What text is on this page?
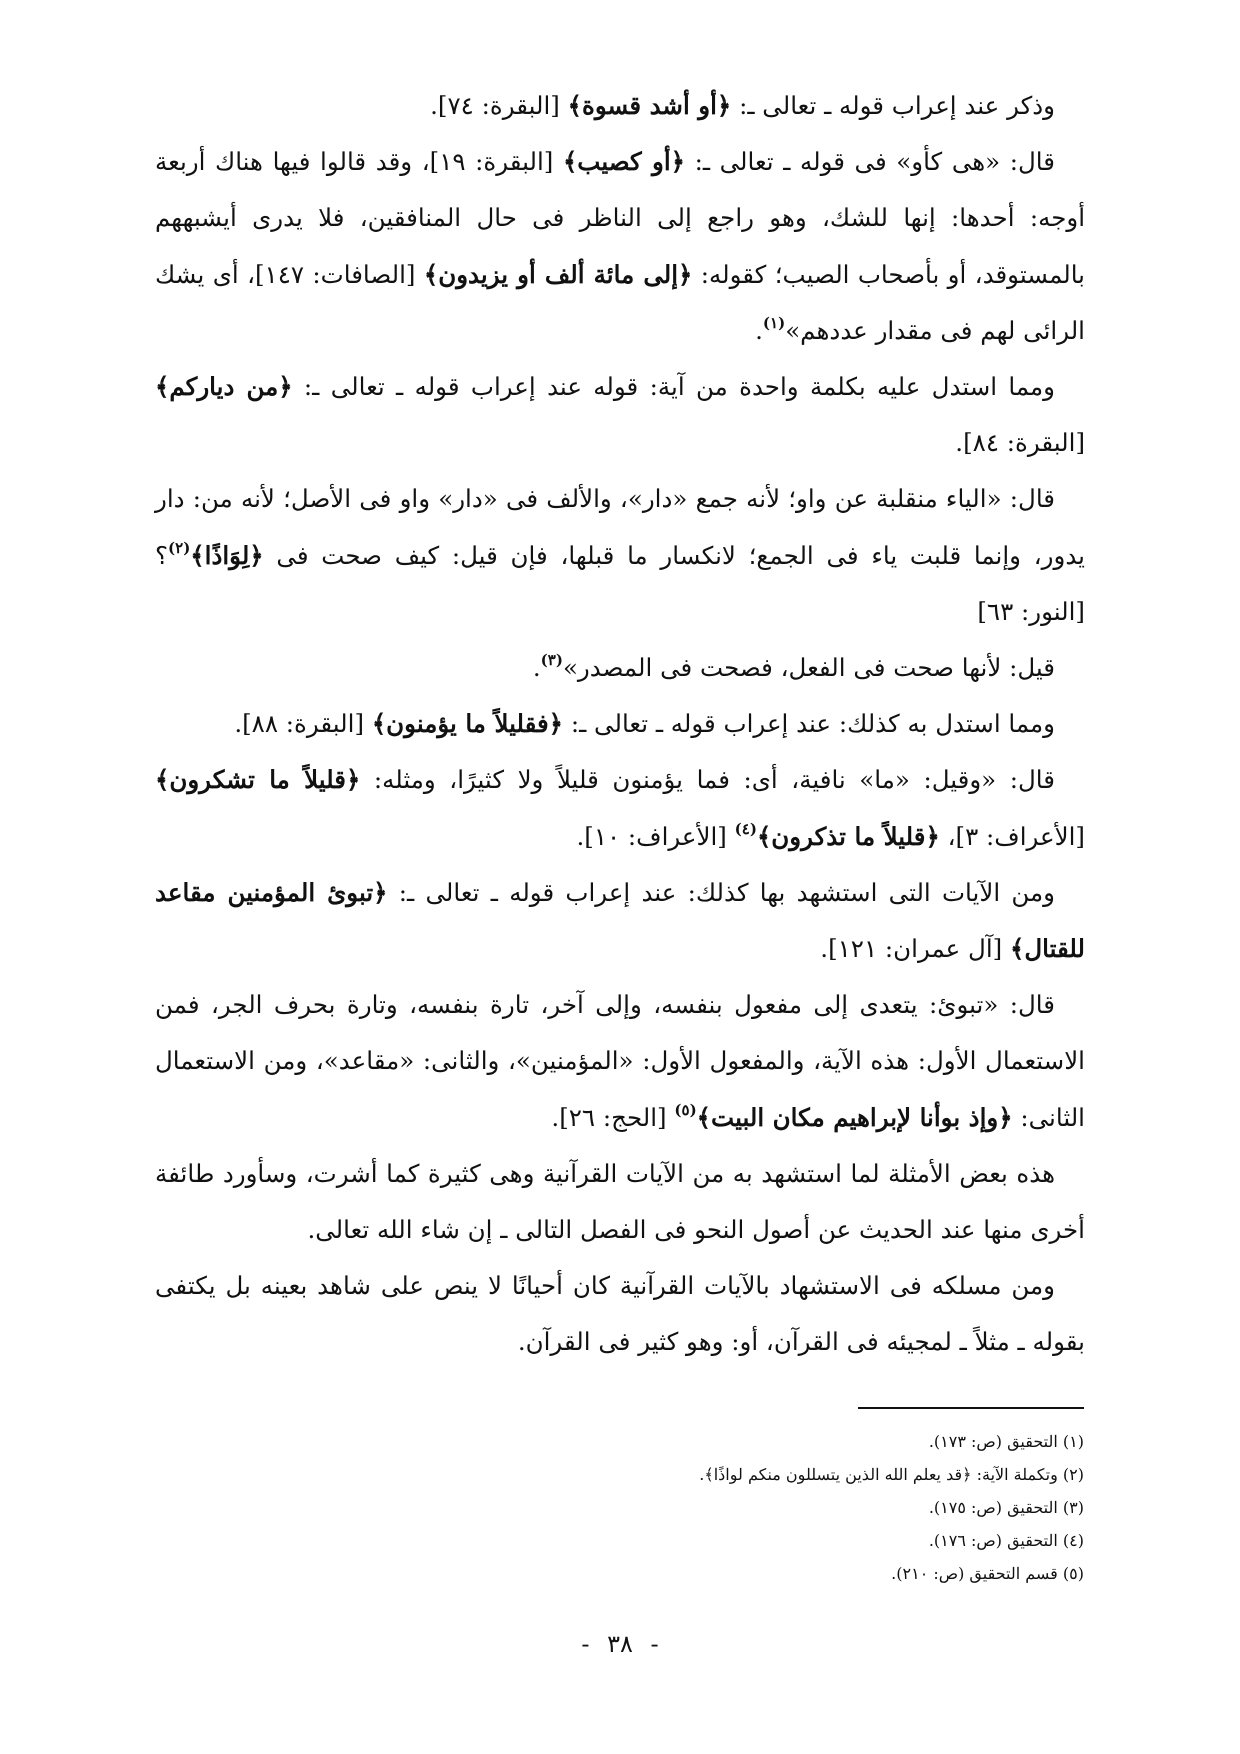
وذكر عند إعراب قوله ـ تعالى ـ: ﴿أو أشد قسوة﴾ [البقرة: ٧٤].

قال: «هى كأو» فى قوله ـ تعالى ـ: ﴿أو كصيب﴾ [البقرة: ١٩]، وقد قالوا فيها هناك أربعة أوجه: أحدها: إنها للشك، وهو راجع إلى الناظر فى حال المنافقين، فلا يدرى أيشبههم بالمستوقد، أو بأصحاب الصيب؛ كقوله: ﴿إلى مائة ألف أو يزيدون﴾ [الصافات: ١٤٧]، أى يشك الرائى لهم فى مقدار عددهم»$^{(١)}$.

ومما استدل عليه بكلمة واحدة من آية: قوله عند إعراب قوله ـ تعالى ـ: ﴿من دياركم﴾ [البقرة: ٨٤].

قال: «الياء منقلبة عن واو؛ لأنه جمع «دار»، والألف فى «دار» واو فى الأصل؛ لأنه من: دار يدور، وإنما قلبت ياء فى الجمع؛ لانكسار ما قبلها، فإن قيل: كيف صحت فى ﴿لِوَاذًا﴾$^{(٢)}$؟ [النور: ٦٣]

قيل: لأنها صحت فى الفعل، فصحت فى المصدر»$^{(٣)}$.

ومما استدل به كذلك: عند إعراب قوله ـ تعالى ـ: ﴿فقليلاً ما يؤمنون﴾ [البقرة: ٨٨].

قال: «وقيل: «ما» نافية، أى: فما يؤمنون قليلاً ولا كثيرًا، ومثله: ﴿قليلاً ما تشكرون﴾ [الأعراف: ٣]، ﴿قليلاً ما تذكرون﴾$^{(٤)}$ [الأعراف: ١٠].

ومن الآيات التى استشهد بها كذلك: عند إعراب قوله ـ تعالى ـ: ﴿تبوئ المؤمنين مقاعد للقتال﴾ [آل عمران: ١٢١].

قال: «تبوئ: يتعدى إلى مفعول بنفسه، وإلى آخر، تارة بنفسه، وتارة بحرف الجر، فمن الاستعمال الأول: هذه الآية، والمفعول الأول: «المؤمنين»، والثانى: «مقاعد»، ومن الاستعمال الثانى: ﴿وإذ بوأنا لإبراهيم مكان البيت﴾$^{(٥)}$ [الحج: ٢٦].

هذه بعض الأمثلة لما استشهد به من الآيات القرآنية وهى كثيرة كما أشرت، وسأورد طائفة أخرى منها عند الحديث عن أصول النحو فى الفصل التالى ـ إن شاء الله تعالى.

ومن مسلكه فى الاستشهاد بالآيات القرآنية كان أحيانًا لا ينص على شاهد بعينه بل يكتفى بقوله ـ مثلاً ـ لمجيئه فى القرآن، أو: وهو كثير فى القرآن.

(١) التحقيق (ص: ١٧٣).
(٢) وتكملة الآية: ﴿قد يعلم الله الذين يتسللون منكم لواذًا﴾.
(٣) التحقيق (ص: ١٧٥).
(٤) التحقيق (ص: ١٧٦).
(٥) قسم التحقيق (ص: ٢١٠).
- ٣٨ -
